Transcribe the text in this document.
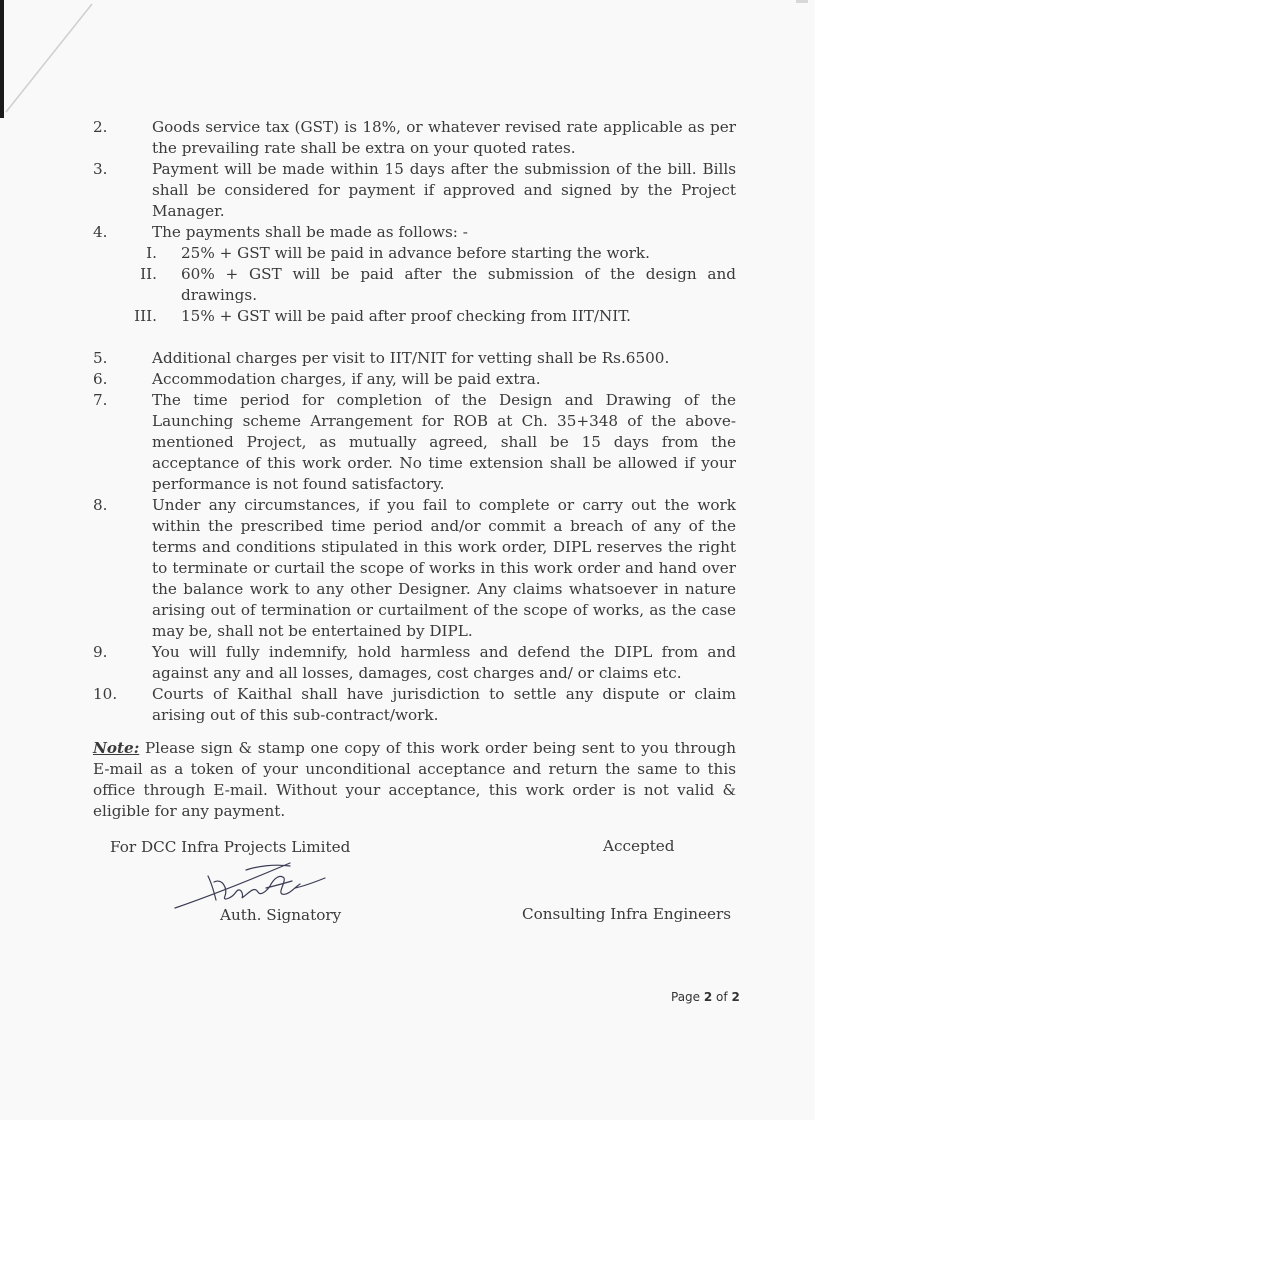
2.	Goods service tax (GST) is 18%, or whatever revised rate applicable as per the prevailing rate shall be extra on your quoted rates.
3.	Payment will be made within 15 days after the submission of the bill. Bills shall be considered for payment if approved and signed by the Project Manager.
4.	The payments shall be made as follows: -
I. 25% + GST will be paid in advance before starting the work.
II. 60% + GST will be paid after the submission of the design and drawings.
III. 15% + GST will be paid after proof checking from IIT/NIT.
5.	Additional charges per visit to IIT/NIT for vetting shall be Rs.6500.
6.	Accommodation charges, if any, will be paid extra.
7.	The time period for completion of the Design and Drawing of the Launching scheme Arrangement for ROB at Ch. 35+348 of the above-mentioned Project, as mutually agreed, shall be 15 days from the acceptance of this work order. No time extension shall be allowed if your performance is not found satisfactory.
8.	Under any circumstances, if you fail to complete or carry out the work within the prescribed time period and/or commit a breach of any of the terms and conditions stipulated in this work order, DIPL reserves the right to terminate or curtail the scope of works in this work order and hand over the balance work to any other Designer. Any claims whatsoever in nature arising out of termination or curtailment of the scope of works, as the case may be, shall not be entertained by DIPL.
9.	You will fully indemnify, hold harmless and defend the DIPL from and against any and all losses, damages, cost charges and/ or claims etc.
10. Courts of Kaithal shall have jurisdiction to settle any dispute or claim arising out of this sub-contract/work.
Note: Please sign & stamp one copy of this work order being sent to you through E-mail as a token of your unconditional acceptance and return the same to this office through E-mail. Without your acceptance, this work order is not valid & eligible for any payment.
For DCC Infra Projects Limited
Auth. Signatory
Accepted
Consulting Infra Engineers
Page 2 of 2
